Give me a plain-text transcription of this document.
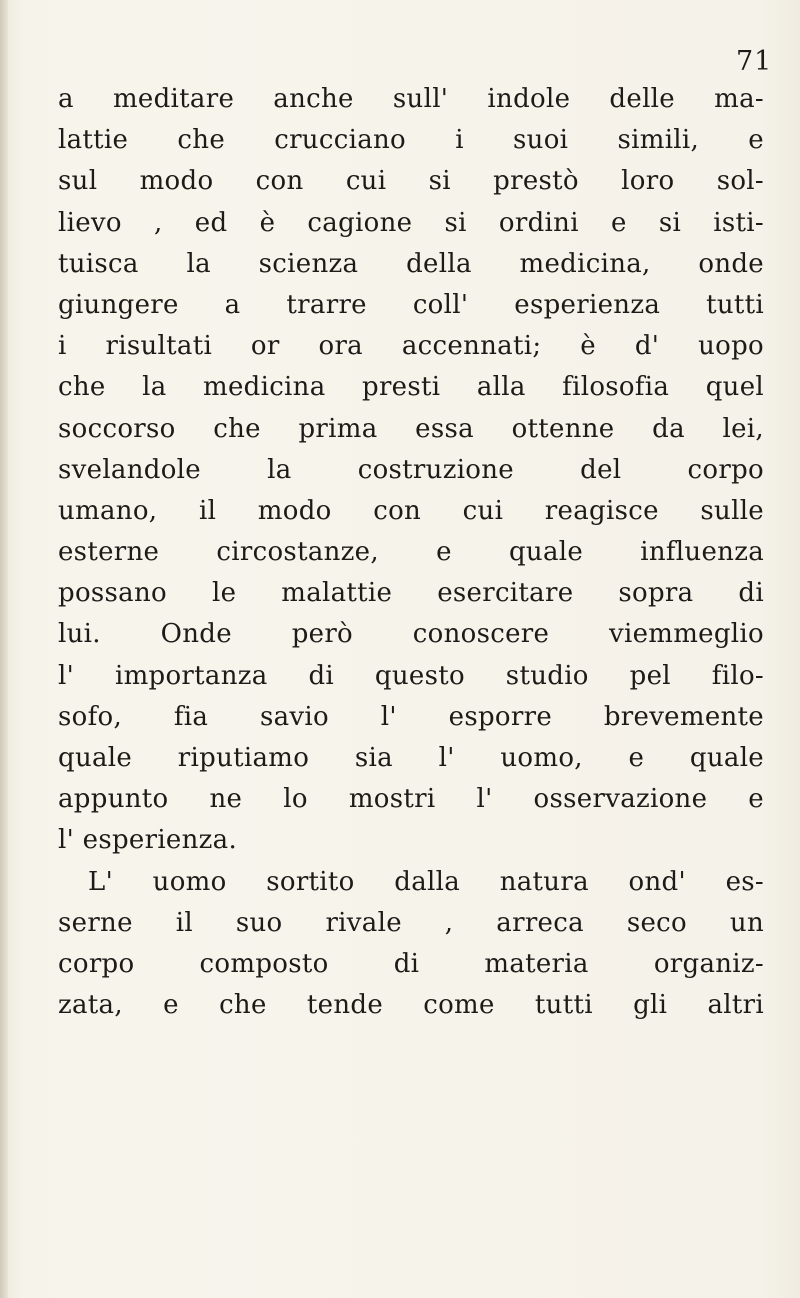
71
a meditare anche sull' indole delle ma-
lattie che crucciano i suoi simili, e
sul modo con cui si prestò loro sol-
lievo , ed è cagione si ordini e si isti-
tuisca la scienza della medicina, onde
giungere a trarre coll' esperienza tutti
i risultati or ora accennati; è d' uopo
che la medicina presti alla filosofia quel
soccorso che prima essa ottenne da lei,
svelandole la costruzione del corpo
umano, il modo con cui reagisce sulle
esterne circostanze, e quale influenza
possano le malattie esercitare sopra di
lui. Onde però conoscere viemmeglio
l' importanza di questo studio pel filo-
sofo, fia savio l' esporre brevemente
quale riputiamo sia l' uomo, e quale
appunto ne lo mostri l' osservazione e
l' esperienza.
L' uomo sortito dalla natura ond' es-
serne il suo rivale , arreca seco un
corpo composto di materia organiz-
zata, e che tende come tutti gli altri
